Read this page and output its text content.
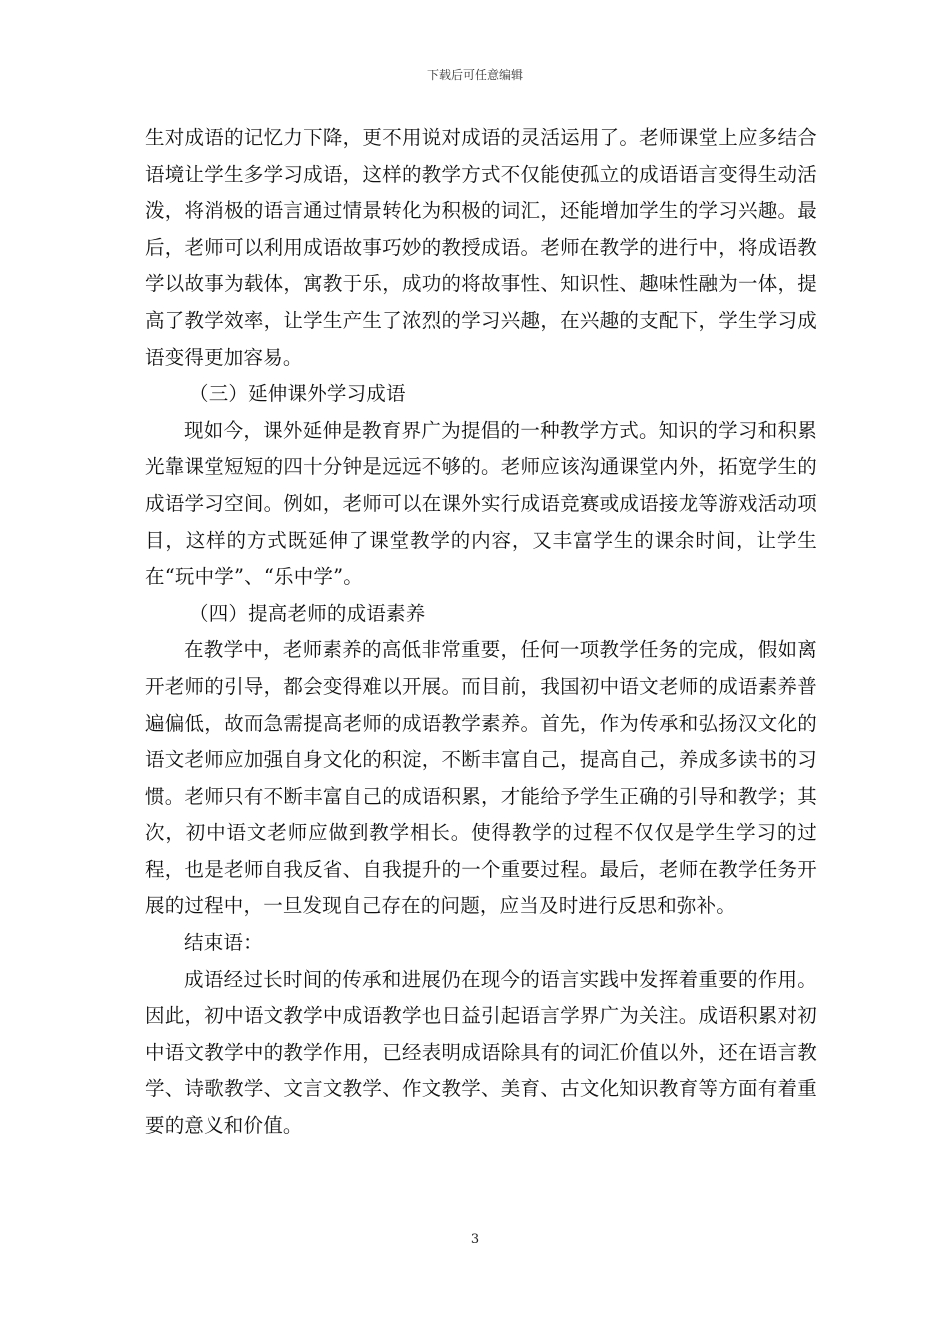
下载后可任意编辑

生对成语的记忆力下降，更不用说对成语的灵活运用了。老师课堂上应多结合语境让学生多学习成语，这样的教学方式不仅能使孤立的成语语言变得生动活泼，将消极的语言通过情景转化为积极的词汇，还能增加学生的学习兴趣。最后，老师可以利用成语故事巧妙的教授成语。老师在教学的进行中，将成语教学以故事为载体，寓教于乐，成功的将故事性、知识性、趣味性融为一体，提高了教学效率，让学生产生了浓烈的学习兴趣，在兴趣的支配下，学生学习成语变得更加容易。

（三）延伸课外学习成语

现如今，课外延伸是教育界广为提倡的一种教学方式。知识的学习和积累光靠课堂短短的四十分钟是远远不够的。老师应该沟通课堂内外，拓宽学生的成语学习空间。例如，老师可以在课外实行成语竞赛或成语接龙等游戏活动项目，这样的方式既延伸了课堂教学的内容，又丰富学生的课余时间，让学生在“玩中学”、“乐中学”。

（四）提高老师的成语素养

在教学中，老师素养的高低非常重要，任何一项教学任务的完成，假如离开老师的引导，都会变得难以开展。而目前，我国初中语文老师的成语素养普遍偏低，故而急需提高老师的成语教学素养。首先，作为传承和弘扬汉文化的语文老师应加强自身文化的积淀，不断丰富自己，提高自己，养成多读书的习惯。老师只有不断丰富自己的成语积累，才能给予学生正确的引导和教学；其次，初中语文老师应做到教学相长。使得教学的过程不仅仅是学生学习的过程，也是老师自我反省、自我提升的一个重要过程。最后，老师在教学任务开展的过程中，一旦发现自己存在的问题，应当及时进行反思和弥补。

结束语：

成语经过长时间的传承和进展仍在现今的语言实践中发挥着重要的作用。因此，初中语文教学中成语教学也日益引起语言学界广为关注。成语积累对初中语文教学中的教学作用，已经表明成语除具有的词汇价值以外，还在语言教学、诗歌教学、文言文教学、作文教学、美育、古文化知识教育等方面有着重要的意义和价值。

3
